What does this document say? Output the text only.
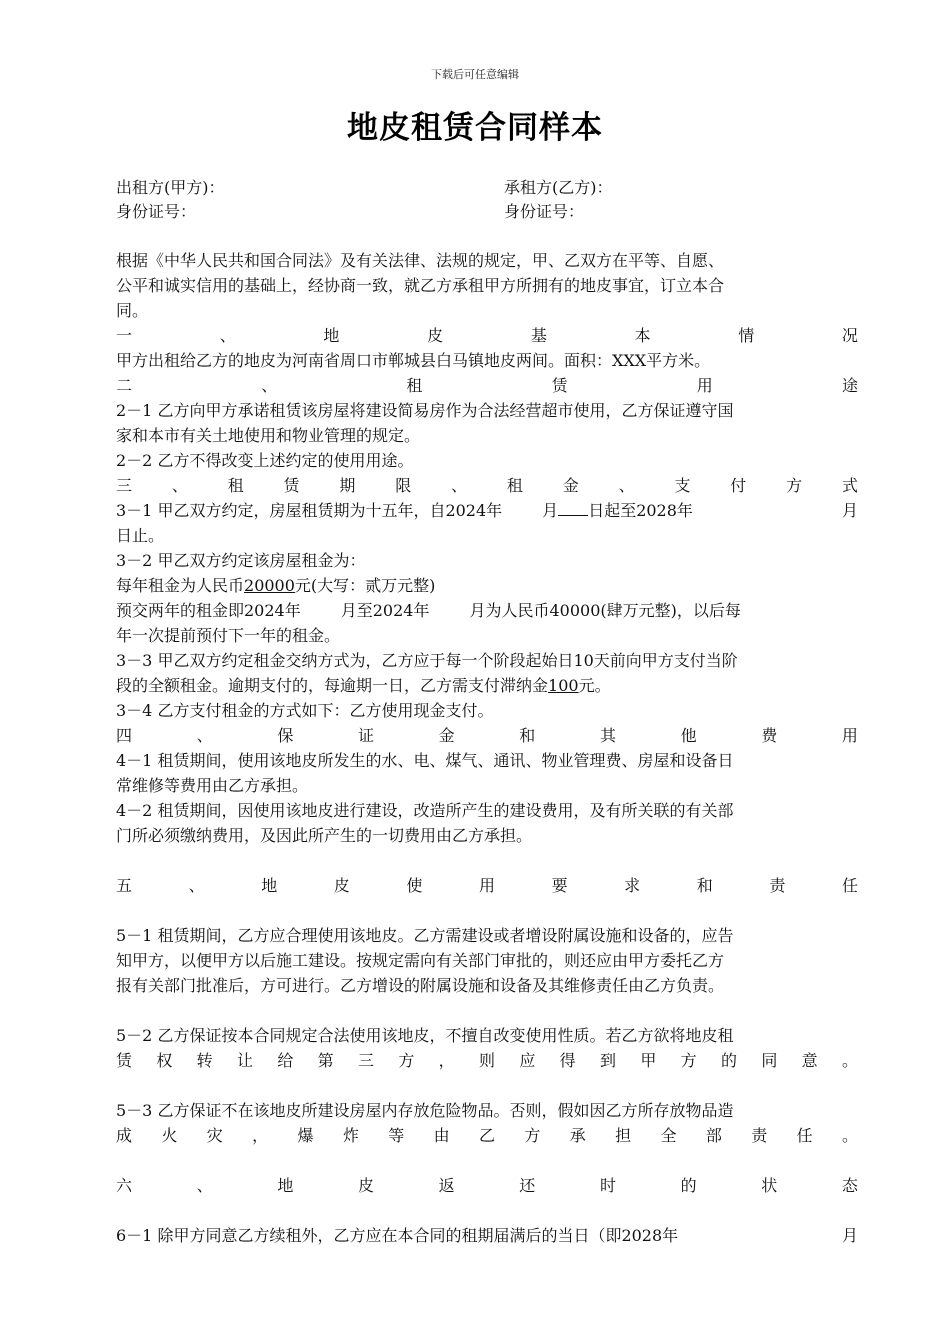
下载后可任意编辑
地皮租赁合同样本
出租方(甲方)：	承租方(乙方)：
身份证号：	身份证号：

根据《中华人民共和国合同法》及有关法律、法规的规定，甲、乙双方在平等、自愿、

公平和诚实信用的基础上，经协商一致，就乙方承租甲方所拥有的地皮事宜，订立本合

同。

一	、	地	皮	基	本	情	况

甲方出租给乙方的地皮为河南省周口市郸城县白马镇地皮两间。面积：XXX平方米。

二	、	租	赁	用	途

2－1 乙方向甲方承诺租赁该房屋将建设简易房作为合法经营超市使用，乙方保证遵守国

家和本市有关土地使用和物业管理的规定。

2－2 乙方不得改变上述约定的使用用途。

三 、 租 赁 期 限 、 租 金 、 支 付 方 式

3－1 甲乙双方约定，房屋租赁期为十五年，自2024年	月 日起至2028年	月

日止。

3－2 甲乙双方约定该房屋租金为：

每年租金为人民币20000元(大写：贰万元整)

预交两年的租金即2024年	月至2024年	月为人民币40000(肆万元整)，以后每

年一次提前预付下一年的租金。

3－3 甲乙双方约定租金交纳方式为，乙方应于每一个阶段起始日10天前向甲方支付当阶

段的全额租金。逾期支付的，每逾期一日，乙方需支付滞纳金100元。

3－4 乙方支付租金的方式如下：乙方使用现金支付。

四	、	保	证	金	和	其	他	费	用

4－1 租赁期间，使用该地皮所发生的水、电、煤气、通讯、物业管理费、房屋和设备日

常维修等费用由乙方承担。

4－2 租赁期间，因使用该地皮进行建设，改造所产生的建设费用，及有所关联的有关部

门所必须缴纳费用，及因此所产生的一切费用由乙方承担。

五	、	地	皮	使	用	要	求	和	责	任

5－1 租赁期间，乙方应合理使用该地皮。乙方需建设或者增设附属设施和设备的，应告

知甲方，以便甲方以后施工建设。按规定需向有关部门审批的，则还应由甲方委托乙方

报有关部门批准后，方可进行。乙方增设的附属设施和设备及其维修责任由乙方负责。

5－2 乙方保证按本合同规定合法使用该地皮，不擅自改变使用性质。若乙方欲将地皮租

赁权转让给第三方，则应得到甲方的同意。

5－3 乙方保证不在该地皮所建设房屋内存放危险物品。否则，假如因乙方所存放物品造

成火灾，爆炸等由乙方承担全部责任。

六	、	地	皮	返	还	时	的	状	态

6－1 除甲方同意乙方续租外，乙方应在本合同的租期届满后的当日（即2028年	月
